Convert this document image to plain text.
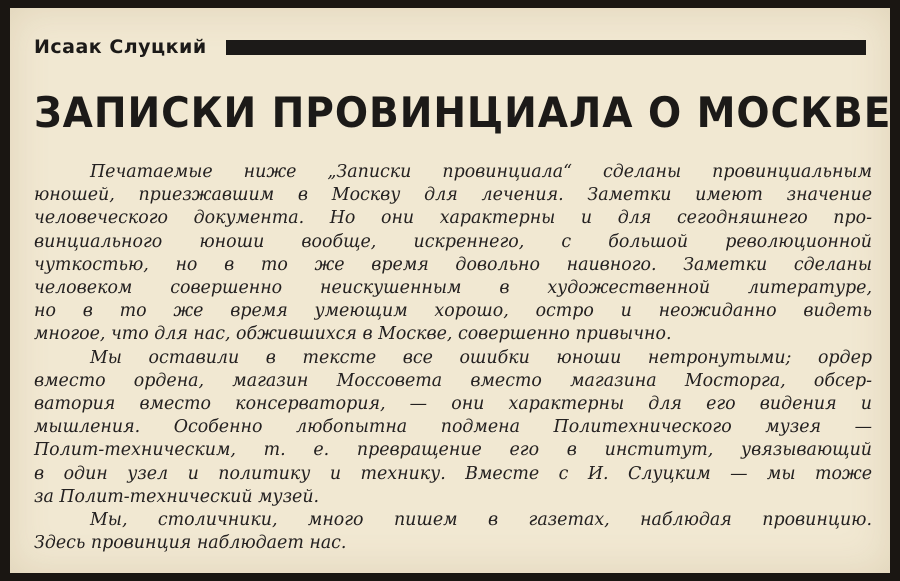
Исаак Слуцкий
ЗАПИСКИ ПРОВИНЦИАЛА О МОСКВЕ

Печатаемые ниже „Записки провинциала“ сделаны провинциальным
юношей, приезжавшим в Москву для лечения. Заметки имеют значение
человеческого документа. Но они характерны и для сегодняшнего про-
винциального юноши вообще, искреннего, с большой революционной
чуткостью, но в то же время довольно наивного. Заметки сделаны
человеком совершенно неискушенным в художественной литературе,
но в то же время умеющим хорошо, остро и неожиданно видеть
многое, что для нас, обжившихся в Москве, совершенно привычно.

Мы оставили в тексте все ошибки юноши нетронутыми; ордер
вместо ордена, магазин Моссовета вместо магазина Мосторга, обсер-
ватория вместо консерватория, — они характерны для его видения и
мышления. Особенно любопытна подмена Политехнического музея —
Полит-техническим, т. е. превращение его в институт, увязывающий
в один узел и политику и технику. Вместе с И. Слуцким — мы тоже
за Полит-технический музей.

Мы, столичники, много пишем в газетах, наблюдая провинцию.
Здесь провинция наблюдает нас.
